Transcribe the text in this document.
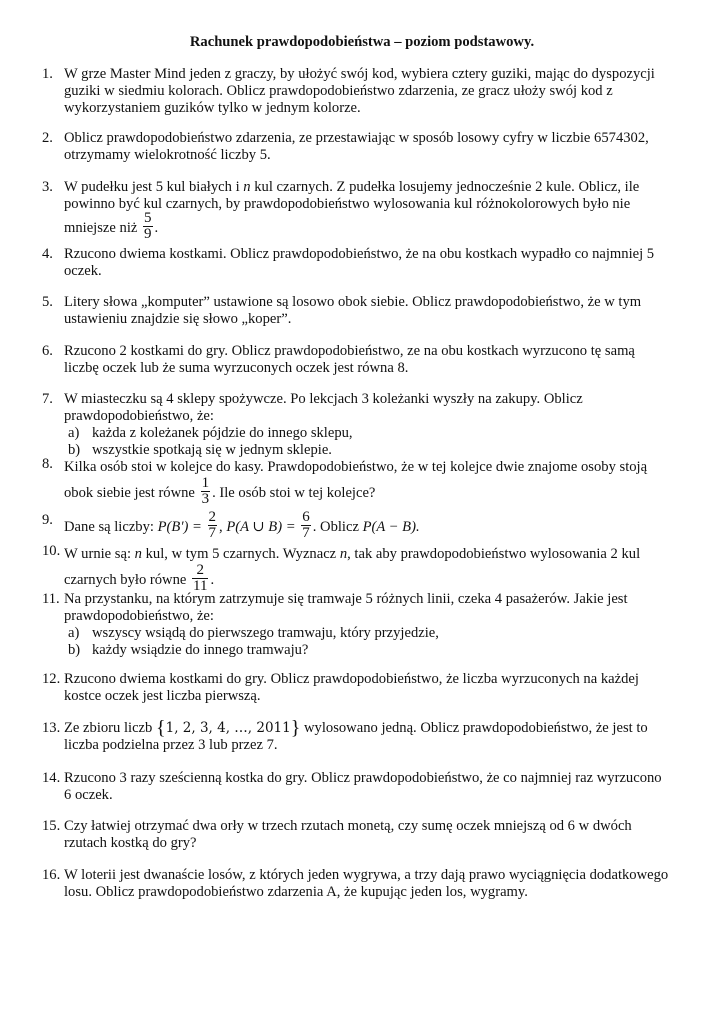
Rachunek prawdopodobieństwa – poziom podstawowy.
1. W grze Master Mind jeden z graczy, by ułożyć swój kod, wybiera cztery guziki, mając do dyspozycji guziki w siedmiu kolorach. Oblicz prawdopodobieństwo zdarzenia, ze gracz ułoży swój kod z wykorzystaniem guzików tylko w jednym kolorze.
2. Oblicz prawdopodobieństwo zdarzenia, ze przestawiając w sposób losowy cyfry w liczbie 6574302, otrzymamy wielokrotność liczby 5.
3. W pudełku jest 5 kul białych i n kul czarnych. Z pudełka losujemy jednocześnie 2 kule. Oblicz, ile powinno być kul czarnych, by prawdopodobieństwo wylosowania kul różnokolorowych było nie mniejsze niż $\frac{5}{9}$ .
4. Rzucono dwiema kostkami. Oblicz prawdopodobieństwo, że na obu kostkach wypadło co najmniej 5 oczek.
5. Litery słowa „komputer” ustawione są losowo obok siebie. Oblicz prawdopodobieństwo, że w tym ustawieniu znajdzie się słowo „koper”.
6. Rzucono 2 kostkami do gry. Oblicz prawdopodobieństwo, ze na obu kostkach wyrzucono tę samą liczbę oczek lub że suma wyrzuconych oczek jest równa 8.
7. W miasteczku są 4 sklepy spożywcze. Po lekcjach 3 koleżanki wyszły na zakupy. Oblicz prawdopodobieństwo, że:
a) każda z koleżanek pójdzie do innego sklepu,
b) wszystkie spotkają się w jednym sklepie.
8. Kilka osób stoi w kolejce do kasy. Prawdopodobieństwo, że w tej kolejce dwie znajome osoby stoją obok siebie jest równe $\frac{1}{3}$ . Ile osób stoi w tej kolejce?
9. Dane są liczby: $P(B') = \frac{2}{7}$ , P(A ∪ $B) = \frac{6}{7}$ . Oblicz P(A − B).
10. W urnie są: n kul, w tym 5 czarnych. Wyznacz n, tak aby prawdopodobieństwo wylosowania 2 kul czarnych było równe $\frac{2}{11}$ .
11. Na przystanku, na którym zatrzymuje się tramwaje 5 różnych linii, czeka 4 pasażerów. Jakie jest prawdopodobieństwo, że:
a) wszyscy wsiądą do pierwszego tramwaju, który przyjedzie,
b) każdy wsiądzie do innego tramwaju?
12. Rzucono dwiema kostkami do gry. Oblicz prawdopodobieństwo, że liczba wyrzuconych na każdej kostce oczek jest liczba pierwszą.
13. Ze zbioru liczb {1, 2, 3, 4, …, 2011} wylosowano jedną. Oblicz prawdopodobieństwo, że jest to liczba podzielna przez 3 lub przez 7.
14. Rzucono 3 razy sześcienną kostka do gry. Oblicz prawdopodobieństwo, że co najmniej raz wyrzucono 6 oczek.
15. Czy łatwiej otrzymać dwa orły w trzech rzutach monetą, czy sumę oczek mniejszą od 6 w dwóch rzutach kostką do gry?
16. W loterii jest dwanaście losów, z których jeden wygrywa, a trzy dają prawo wyciągnięcia dodatkowego losu. Oblicz prawdopodobieństwo zdarzenia A, że kupując jeden los, wygramy.
